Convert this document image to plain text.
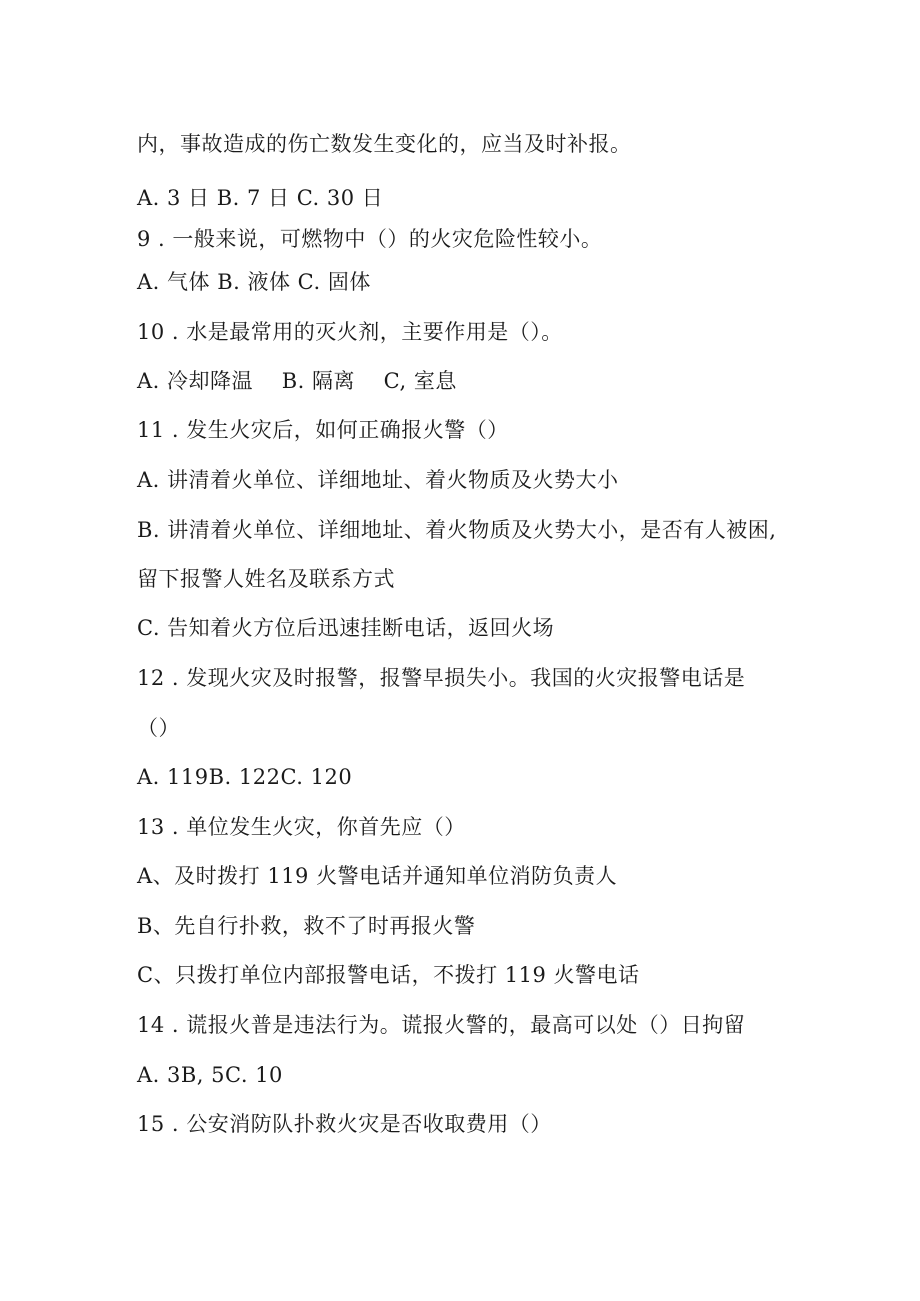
内，事故造成的伤亡数发生变化的，应当及时补报。
A. 3 日 B. 7 日 C. 30 日
9 . 一般来说，可燃物中（）的火灾危险性较小。
A. 气体 B. 液体 C. 固体
10 . 水是最常用的灭火剂，主要作用是（）。
A. 冷却降温　 B. 隔离　 C, 室息
11 . 发生火灾后，如何正确报火警（）
A. 讲清着火单位、详细地址、着火物质及火势大小
B. 讲清着火单位、详细地址、着火物质及火势大小，是否有人被困,
留下报警人姓名及联系方式
C. 告知着火方位后迅速挂断电话，返回火场
12 . 发现火灾及时报警，报警早损失小。我国的火灾报警电话是
（）
A. 119B. 122C. 120
13 . 单位发生火灾，你首先应（）
A、及时拨打 119 火警电话并通知单位消防负责人
B、先自行扑救，救不了时再报火警
C、只拨打单位内部报警电话，不拨打 119 火警电话
14 . 谎报火普是违法行为。谎报火警的，最高可以处（）日拘留
A. 3B, 5C. 10
15 . 公安消防队扑救火灾是否收取费用（）
